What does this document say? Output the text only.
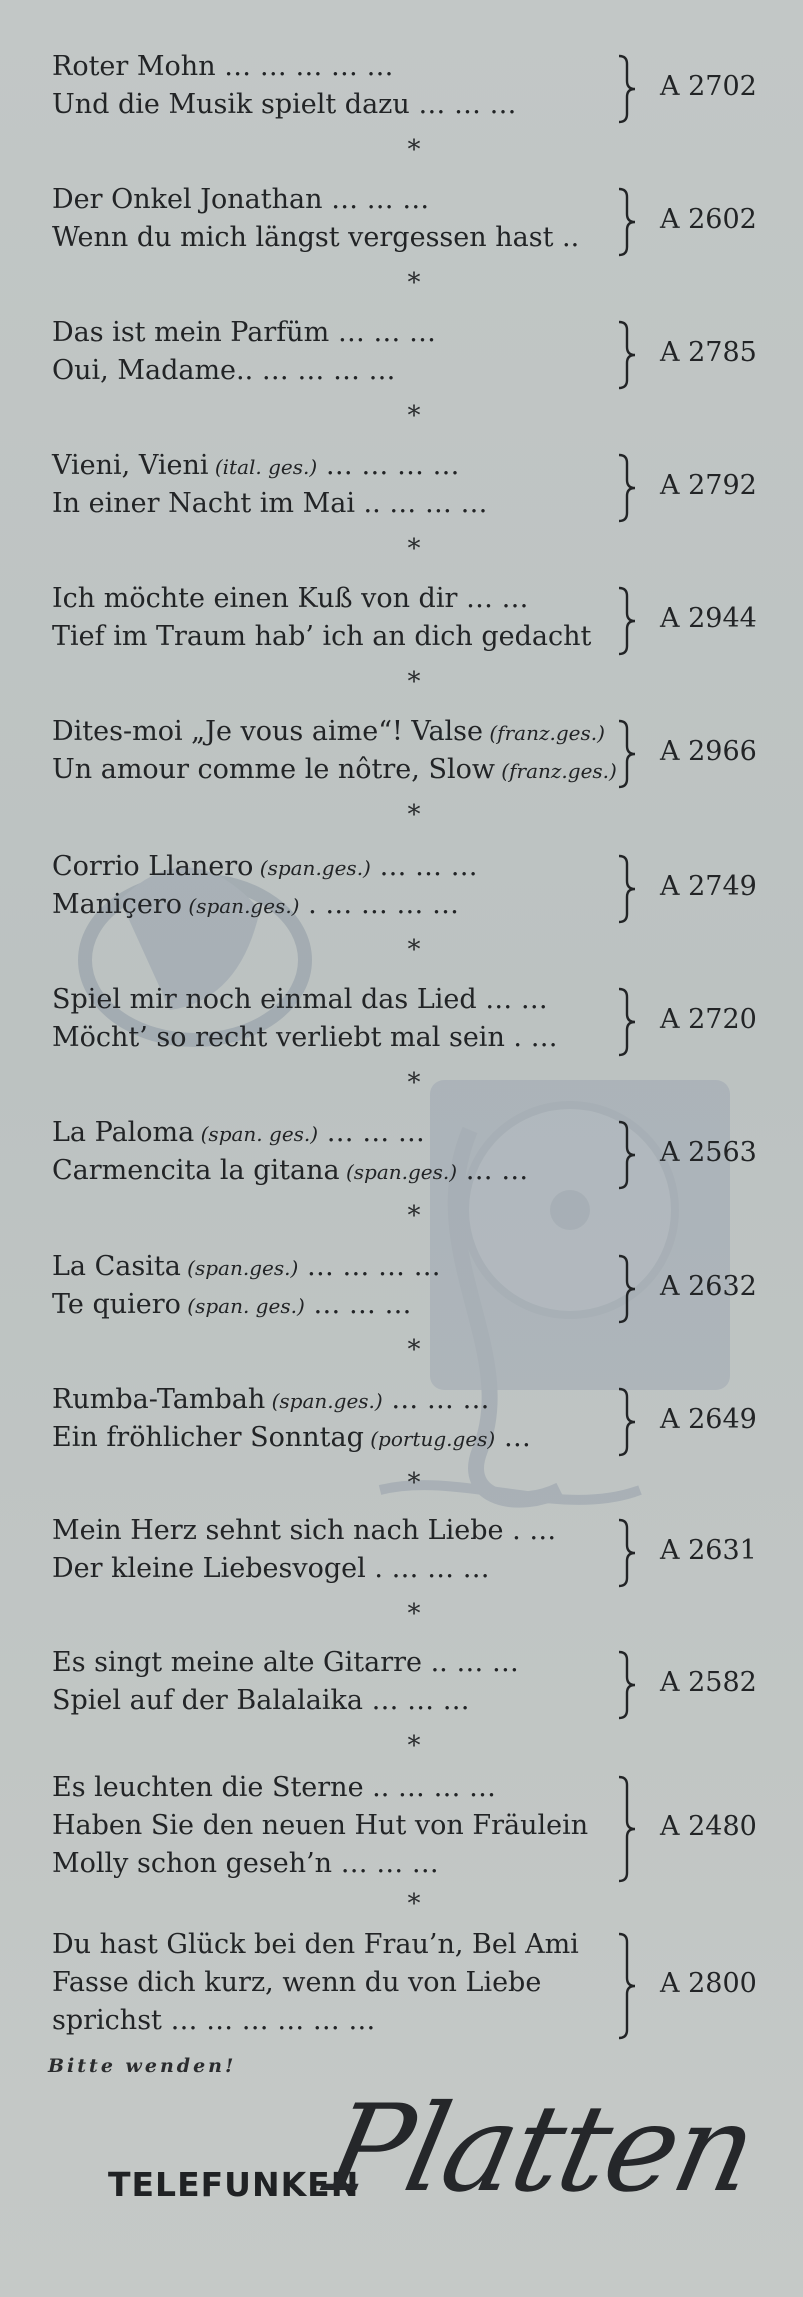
Roter Mohn … … … … …
Und die Musik spielt dazu … … …
A 2702
*
Der Onkel Jonathan … … …
Wenn du mich längst vergessen hast ..
A 2602
*
Das ist mein Parfüm … … …
Oui, Madame.. … … … …
A 2785
*
Vieni, Vieni (ital. ges.) … … … …
In einer Nacht im Mai .. … … …
A 2792
*
Ich möchte einen Kuß von dir … …
Tief im Traum hab’ ich an dich gedacht
A 2944
*
Dites-moi „Je vous aime“! Valse (franz.ges.)
Un amour comme le nôtre, Slow (franz.ges.)
A 2966
*
Corrio Llanero (span.ges.) … … …
Maniçero (span.ges.) . … … … …
A 2749
*
Spiel mir noch einmal das Lied … …
Möcht’ so recht verliebt mal sein . …
A 2720
*
La Paloma (span. ges.) … … …
Carmencita la gitana (span.ges.) … …
A 2563
*
La Casita (span.ges.) … … … …
Te quiero (span. ges.) … … …
A 2632
*
Rumba-Tambah (span.ges.) … … …
Ein fröhlicher Sonntag (portug.ges) …
A 2649
*
Mein Herz sehnt sich nach Liebe . …
Der kleine Liebesvogel . … … …
A 2631
*
Es singt meine alte Gitarre .. … …
Spiel auf der Balalaika … … …
A 2582
*
Es leuchten die Sterne .. … … …
Haben Sie den neuen Hut von Fräulein
Molly schon geseh’n … … …
A 2480
*
Du hast Glück bei den Frau’n, Bel Ami
Fasse dich kurz, wenn du von Liebe
sprichst … … … … … …
A 2800
Bitte wenden!
TELEFUNKEN
Platten
